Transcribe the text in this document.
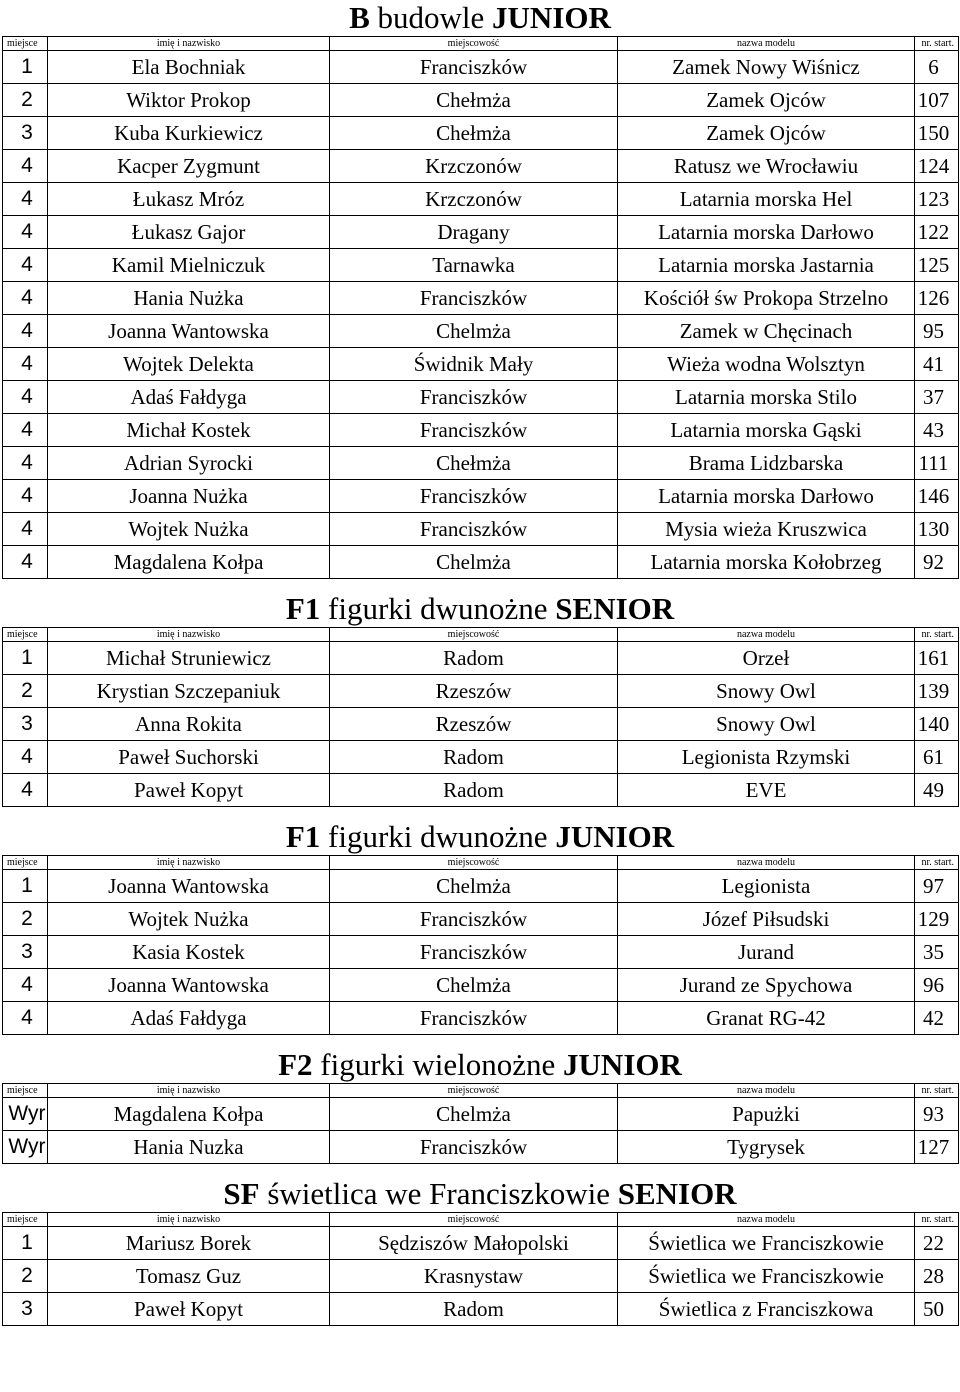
B budowle JUNIOR
miejsce	imię i nazwisko	miejscowość	nazwa modelu	nr. start.
1	Ela Bochniak	Franciszków	Zamek Nowy Wiśnicz	6
2	Wiktor Prokop	Chełmża	Zamek Ojców	107
3	Kuba Kurkiewicz	Chełmża	Zamek Ojców	150
4	Kacper Zygmunt	Krzczonów	Ratusz we Wrocławiu	124
4	Łukasz Mróz	Krzczonów	Latarnia morska Hel	123
4	Łukasz Gajor	Dragany	Latarnia morska Darłowo	122
4	Kamil Mielniczuk	Tarnawka	Latarnia morska Jastarnia	125
4	Hania Nużka	Franciszków	Kościół św Prokopa Strzelno	126
4	Joanna Wantowska	Chelmża	Zamek w Chęcinach	95
4	Wojtek Delekta	Świdnik Mały	Wieża wodna Wolsztyn	41
4	Adaś Fałdyga	Franciszków	Latarnia morska Stilo	37
4	Michał Kostek	Franciszków	Latarnia morska Gąski	43
4	Adrian Syrocki	Chełmża	Brama Lidzbarska	111
4	Joanna Nużka	Franciszków	Latarnia morska Darłowo	146
4	Wojtek Nużka	Franciszków	Mysia wieża Kruszwica	130
4	Magdalena Kołpa	Chelmża	Latarnia morska Kołobrzeg	92
F1 figurki dwunożne SENIOR
miejsce	imię i nazwisko	miejscowość	nazwa modelu	nr. start.
1	Michał Struniewicz	Radom	Orzeł	161
2	Krystian Szczepaniuk	Rzeszów	Snowy Owl	139
3	Anna Rokita	Rzeszów	Snowy Owl	140
4	Paweł Suchorski	Radom	Legionista Rzymski	61
4	Paweł Kopyt	Radom	EVE	49
F1 figurki dwunożne JUNIOR
miejsce	imię i nazwisko	miejscowość	nazwa modelu	nr. start.
1	Joanna Wantowska	Chelmża	Legionista	97
2	Wojtek Nużka	Franciszków	Józef Piłsudski	129
3	Kasia Kostek	Franciszków	Jurand	35
4	Joanna Wantowska	Chelmża	Jurand ze Spychowa	96
4	Adaś Fałdyga	Franciszków	Granat RG-42	42
F2 figurki wielonożne JUNIOR
miejsce	imię i nazwisko	miejscowość	nazwa modelu	nr. start.
Wyr	Magdalena Kołpa	Chelmża	Papużki	93
Wyr	Hania Nuzka	Franciszków	Tygrysek	127
SF świetlica we Franciszkowie SENIOR
miejsce	imię i nazwisko	miejscowość	nazwa modelu	nr. start.
1	Mariusz Borek	Sędziszów Małopolski	Świetlica we Franciszkowie	22
2	Tomasz Guz	Krasnystaw	Świetlica we Franciszkowie	28
3	Paweł Kopyt	Radom	Świetlica z Franciszkowa	50
